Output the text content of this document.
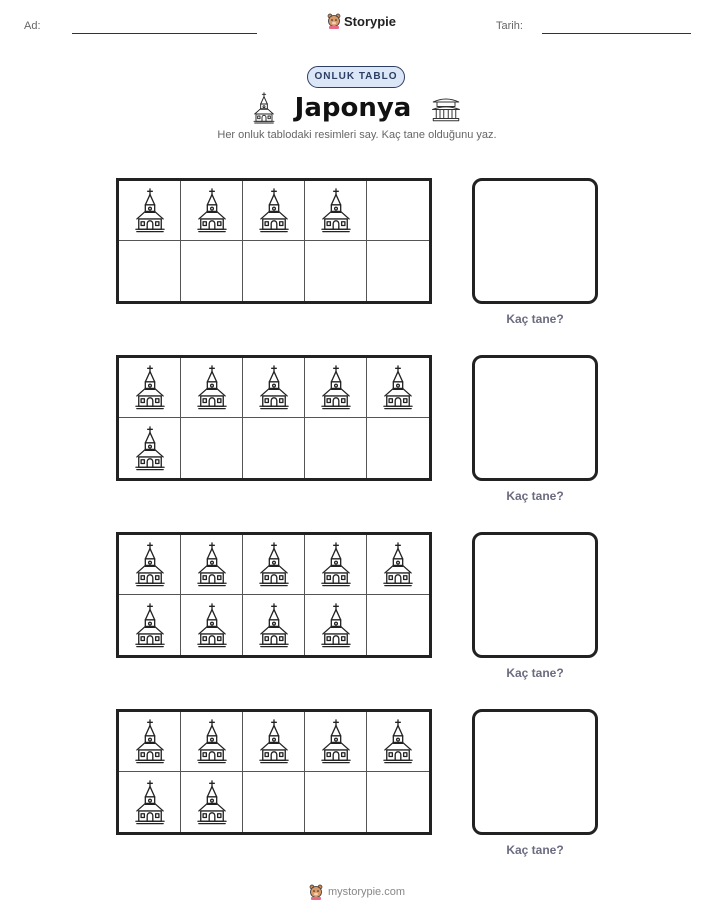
Ad:	Storypie	Tarih:
ONLUK TABLO
Japonya
Her onluk tablodaki resimleri say. Kaç tane olduğunu yaz.
Kaç tane?
Kaç tane?
Kaç tane?
Kaç tane?
mystorypie.com
